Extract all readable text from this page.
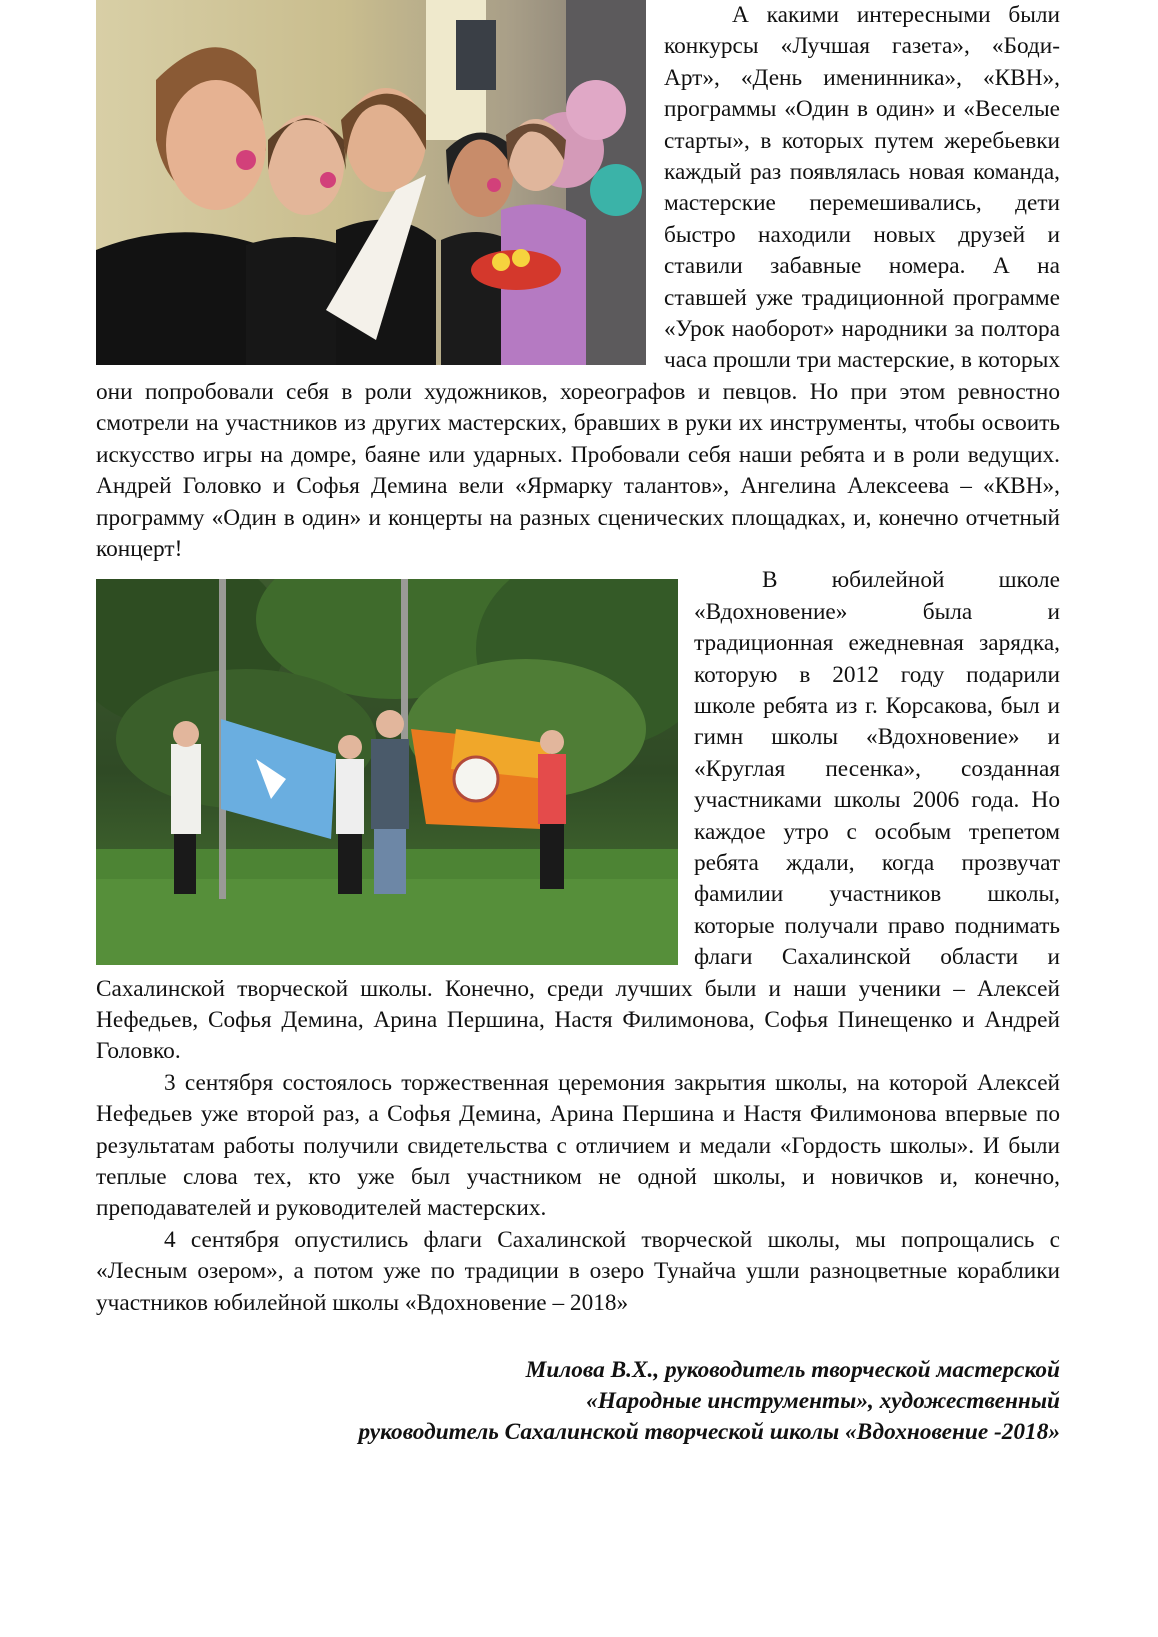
А какими интересными были конкурсы «Лучшая газета», «Боди-Арт», «День именинника», «КВН», программы «Один в один» и «Веселые старты», в которых путем жеребьевки каждый раз появлялась новая команда, мастерские перемешивались, дети быстро находили новых друзей и ставили забавные номера. А на ставшей уже традиционной программе «Урок наоборот» народники за полтора часа прошли три мастерские, в которых они попробовали себя в роли художников, хореографов и певцов. Но при этом ревностно смотрели на участников из других мастерских, бравших в руки их инструменты, чтобы освоить искусство игры на домре, баяне или ударных. Пробовали себя наши ребята и в роли ведущих. Андрей Головко и Софья Демина вели «Ярмарку талантов», Ангелина Алексеева – «КВН», программу «Один в один» и концерты на разных сценических площадках, и, конечно отчетный концерт!

В юбилейной школе «Вдохновение» была и традиционная ежедневная зарядка, которую в 2012 году подарили школе ребята из г. Корсакова, был и гимн школы «Вдохновение» и «Круглая песенка», созданная участниками школы 2006 года. Но каждое утро с особым трепетом ребята ждали, когда прозвучат фамилии участников школы, которые получали право поднимать флаги Сахалинской области и Сахалинской творческой школы. Конечно, среди лучших были и наши ученики – Алексей Нефедьев, Софья Демина, Арина Першина, Настя Филимонова, Софья Пинещенко и Андрей Головко.

3 сентября состоялось торжественная церемония закрытия школы, на которой Алексей Нефедьев уже второй раз, а Софья Демина, Арина Першина и Настя Филимонова впервые по результатам работы получили свидетельства с отличием и медали «Гордость школы». И были теплые слова тех, кто уже был участником не одной школы, и новичков и, конечно, преподавателей и руководителей мастерских.

4 сентября опустились флаги Сахалинской творческой школы, мы попрощались с «Лесным озером», а потом уже по традиции в озеро Тунайча ушли разноцветные кораблики участников юбилейной школы «Вдохновение – 2018»

Милова В.Х., руководитель творческой мастерской
«Народные инструменты», художественный
руководитель Сахалинской творческой школы «Вдохновение -2018»
